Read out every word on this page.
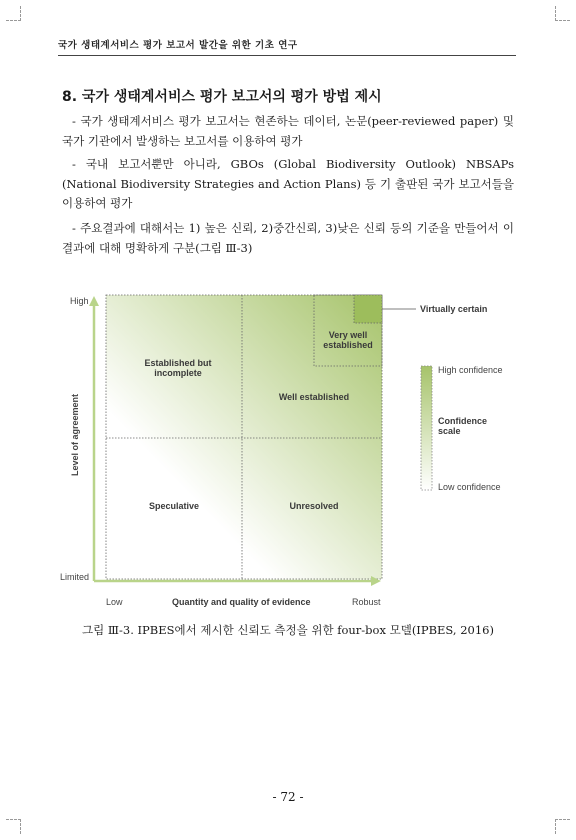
국가 생태계서비스 평가 보고서 발간을 위한 기초 연구
8. 국가 생태계서비스 평가 보고서의 평가 방법 제시
- 국가 생태계서비스 평가 보고서는 현존하는 데이터, 논문(peer-reviewed paper) 및 국가 기관에서 발생하는 보고서를 이용하여 평가
- 국내 보고서뿐만 아니라, GBOs (Global Biodiversity Outlook) NBSAPs (National Biodiversity Strategies and Action Plans) 등 기 출판된 국가 보고서들을 이용하여 평가
- 주요결과에 대해서는 1) 높은 신뢰, 2)중간신뢰, 3)낮은 신뢰 등의 기준을 만들어서 이 결과에 대해 명확하게 구분(그림 Ⅲ-3)
Level of agreement
High
Limited
Low	Quantity and quality of evidence	Robust
Established but incomplete
Well established
Speculative	Unresolved
Very well established
Virtually certain
High confidence
Confidence scale
Low confidence
그림 Ⅲ-3. IPBES에서 제시한 신뢰도 측정을 위한 four-box 모델(IPBES, 2016)
- 72 -
